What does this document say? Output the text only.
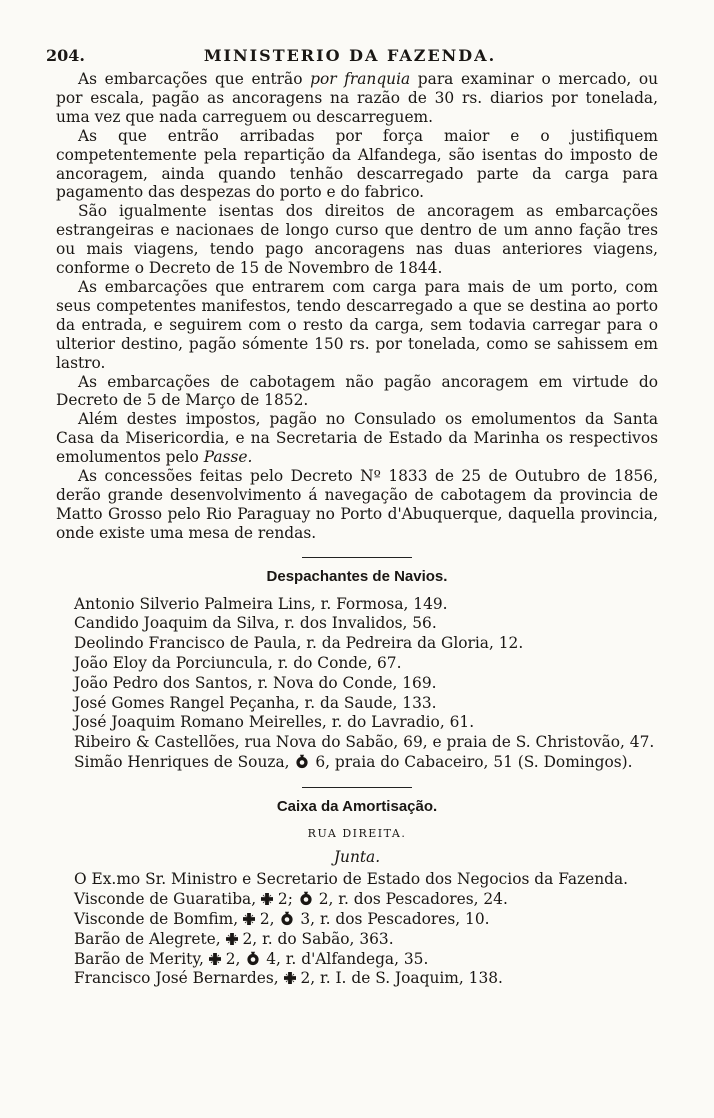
204.	MINISTERIO DA FAZENDA.

As embarcações que entrão por franquia para examinar o mercado, ou por escala, pagão as ancoragens na razão de 30 rs. diarios por tonelada, uma vez que nada carreguem ou descarreguem.

As que entrão arribadas por força maior e o justifiquem competentemente pela repartição da Alfandega, são isentas do imposto de ancoragem, ainda quando tenhão descarregado parte da carga para pagamento das despezas do porto e do fabrico.

São igualmente isentas dos direitos de ancoragem as embarcações estrangeiras e nacionaes de longo curso que dentro de um anno fação tres ou mais viagens, tendo pago ancoragens nas duas anteriores viagens, conforme o Decreto de 15 de Novembro de 1844.

As embarcações que entrarem com carga para mais de um porto, com seus competentes manifestos, tendo descarregado a que se destina ao porto da entrada, e seguirem com o resto da carga, sem todavia carregar para o ulterior destino, pagão sómente 150 rs. por tonelada, como se sahissem em lastro.

As embarcações de cabotagem não pagão ancoragem em virtude do Decreto de 5 de Março de 1852.

Além destes impostos, pagão no Consulado os emolumentos da Santa Casa da Misericordia, e na Secretaria de Estado da Marinha os respectivos emolumentos pelo Passe.

As concessões feitas pelo Decreto Nº 1833 de 25 de Outubro de 1856, derão grande desenvolvimento á navegação de cabotagem da provincia de Matto Grosso pelo Rio Paraguay no Porto d'Abuquerque, daquella provincia, onde existe uma mesa de rendas.

Despachantes de Navios.
Antonio Silverio Palmeira Lins, r. Formosa, 149.
Candido Joaquim da Silva, r. dos Invalidos, 56.
Deolindo Francisco de Paula, r. da Pedreira da Gloria, 12.
João Eloy da Porciuncula, r. do Conde, 67.
João Pedro dos Santos, r. Nova do Conde, 169.
José Gomes Rangel Peçanha, r. da Saude, 133.
José Joaquim Romano Meirelles, r. do Lavradio, 61.
Ribeiro & Castellões, rua Nova do Sabão, 69, e praia de S. Christovão, 47.
Simão Henriques de Souza,  6, praia do Cabaceiro, 51 (S. Domingos).
Caixa da Amortisação.
RUA DIREITA.
Junta.
O Ex.mo Sr. Ministro e Secretario de Estado dos Negocios da Fazenda.
Visconde de Guaratiba,  2;  2, r. dos Pescadores, 24.
Visconde de Bomfim,  2,  3, r. dos Pescadores, 10.
Barão de Alegrete,  2, r. do Sabão, 363.
Barão de Merity,  2,  4, r. d'Alfandega, 35.
Francisco José Bernardes,  2, r. I. de S. Joaquim, 138.
